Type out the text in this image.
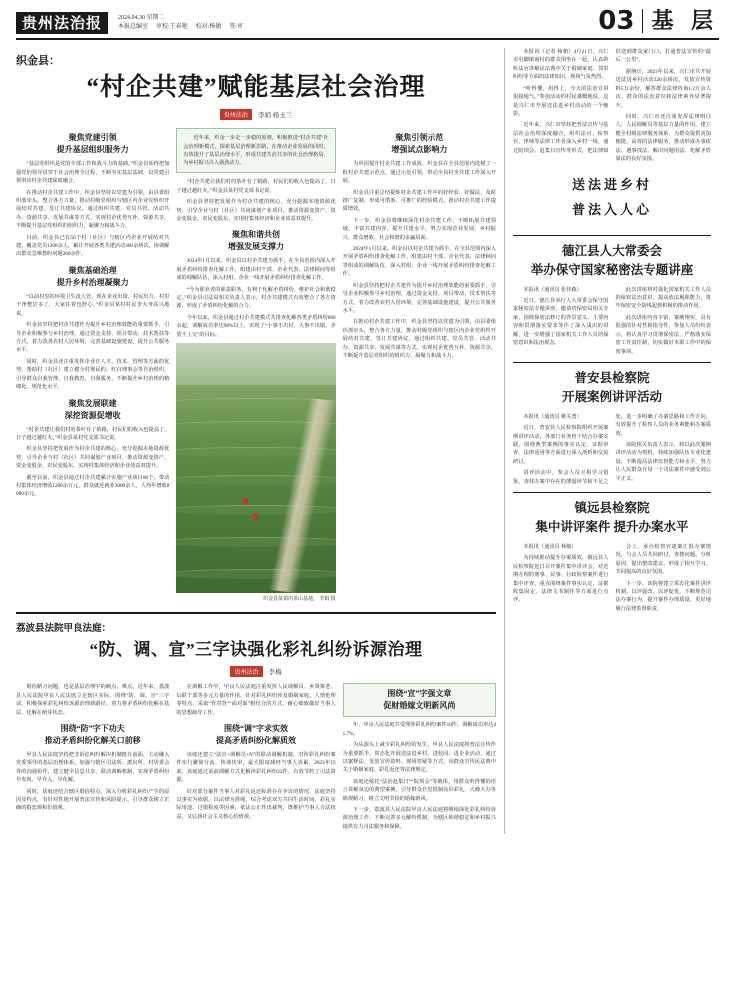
贵州法治报	2024.04.30 星期二
本报总编室 审校:王春艳 校对:杨敏 签:审	03 基 层
织金县：
“村企共建”赋能基层社会治理
贵州法治	李娟 杨玉兰
聚焦党建引领
提升基层组织服务力

“基层党组织是党的全部工作和战斗力的基础。”织金县始终把加强党的领导贯穿于社会治理全过程，不断夯实基层基础，以党建引领带动村企共建深度融合。

在推动村企共建工作中，织金县坚持以党建为引领，由县委组织部牵头，整合各方力量，推动村级党组织与辖区内企业党组织开展结对共建，签订共建协议，通过组织共建、党员共管、活动共办、资源共享、发展共谋等方式，实现村企优势互补、资源共享，不断提升基层党组织的组织力、凝聚力和战斗力。

目前，织金县已有56个村（社区）与辖区内企业开展结对共建，覆盖党员1200余人，累计开展各类共建活动300余场次，协调解决群众急难愁盼问题260余件。

聚焦基础治理
提升乡村治理凝聚力

“以前村里的环境卫生没人管，现在企业出资、村民出力，村里干净整洁多了，大家住着也舒心。”织金县某村村民李大爷高兴地说。

织金县坚持把村企共建作为提升乡村治理效能的重要抓手，引导企业积极参与乡村治理，通过资金支持、项目带动、技术帮扶等方式，着力改善农村人居环境，完善基础设施建设，提升公共服务水平。

同时，织金县还注重发挥企业在人才、技术、管理等方面的优势，帮助村（社区）建立健全村规民约、红白理事会等自治组织，引导群众自我管理、自我教育、自我服务，不断提升乡村治理的精细化、规范化水平。

聚焦发展联建
深挖资源促增收

“村企共建让我们村的茶叶有了销路，村民们的收入也提高了，日子越过越红火。”织金县某村党支部书记说。

织金县坚持把发展作为村企共建的核心，充分挖掘本地资源优势，引导企业与村（社区）共同谋划产业项目，推动资源变资产、资金变股金、农民变股东，实现村集体经济和企业效益双提升。

截至目前，织金县通过村企共建累计实施产业项目86个，带动村集体经济增收1200余万元，群众就近就业3000余人，人均年增收8000余元。

近年来，织金一步走一步稳的原则，积极推进“村企共建”社会治理新模式，探索基层治理新思路，在推动企业发展的同时，有效提升了基层治理水平，形成共建共治共享的社会治理格局，为乡村振兴注入强劲动力。

“村企共建让我们村的茶叶有了销路，村民们的收入也提高了，日子越过越红火。”织金县某村党支部书记说。

织金县坚持把发展作为村企共建的核心，充分挖掘本地资源优势，引导企业与村（社区）共同谋划产业项目，推动资源变资产、资金变股金、农民变股东，实现村集体经济和企业效益双提升。

聚焦和谐共创
增强发展支撑力

2024年1月以来，织金县以村企共建为抓手，在全县范围内深入开展矛盾纠纷排查化解工作，组建由村干部、企业代表、法律顾问等组成的调解队伍，深入村组、企业一线开展矛盾纠纷排查化解工作。

“今为职业者的职责职务，有利于化解矛盾纠纷，维护社会和谐稳定。”织金县司法局相关负责人表示，村企共建模式有效整合了各方资源，形成了矛盾纠纷化解的合力。

今年以来，织金县通过村企共建模式共排查化解各类矛盾纠纷860余起，调解成功率达98%以上，实现了“小事不出村、大事不出镇、矛盾不上交”的目标。

织金县某镇的茶山基地。 李娟 摄
聚焦引领示范
增强试点影响力

为巩固提升村企共建工作成效，织金县在全县范围内选树了一批村企共建示范点，通过示范引领，带动全县村企共建工作深入开展。

织金县注重总结提炼村企共建工作中的好经验、好做法，及时推广复制，形成可借鉴、可推广的经验模式，推动村企共建工作提质增效。

下一步，织金县将继续深化村企共建工作，不断拓展共建领域，丰富共建内容，提升共建水平，努力实现企业发展、乡村振兴、群众增收、社会和谐的多赢局面。

2024年1月以来，织金县以村企共建为抓手，在全县范围内深入开展矛盾纠纷排查化解工作，组建由村干部、企业代表、法律顾问等组成的调解队伍，深入村组、企业一线开展矛盾纠纷排查化解工作。

织金县坚持把村企共建作为提升乡村治理效能的重要抓手，引导企业积极参与乡村治理，通过资金支持、项目带动、技术帮扶等方式，着力改善农村人居环境，完善基础设施建设，提升公共服务水平。

在推动村企共建工作中，织金县坚持以党建为引领，由县委组织部牵头，整合各方力量，推动村级党组织与辖区内企业党组织开展结对共建，签订共建协议，通过组织共建、党员共管、活动共办、资源共享、发展共谋等方式，实现村企优势互补、资源共享，不断提升基层党组织的组织力、凝聚力和战斗力。

荔波县法院甲良法庭：
“防、调、宣”三字诀强化彩礼纠纷诉源治理
贵州法治	李梅

婚俗陋习问题，也是基层治理中的痛点、难点。近年来，荔波县人民法院甲良人民法庭立足辖区实际，围绕“防、调、宣”三字诀，积极探索彩礼纠纷诉源治理新路径，着力将矛盾纠纷化解在基层、化解在萌芽状态。

围绕“防”字下功夫
推动矛盾纠纷化解关口前移

甲良人民法庭坚持把非诉讼纠纷解决机制挺在前面，主动融入党委领导的基层治理体系，加强与辖区司法所、派出所、村居委会等的沟通协作，建立健全信息共享、联动调解机制，实现矛盾纠纷早发现、早介入、早化解。

同时，该庭还结合辖区婚俗特点，深入分析彩礼纠纷产生的原因及特点，有针对性地开展普法宣传和风险提示，引导群众树立正确的婚恋观和价值观。

在调解工作中，甲良人民法庭注重发挥人民调解员、乡贤寨老、妇联干部等多元力量的作用，针对彩礼纠纷涉及婚姻家庭、人情伦理等特点，采取“背对背”“面对面”相结合的方式，耐心细致做好当事人的思想疏导工作。

围绕“调”字求实效
提高矛盾纠纷化解质效

该庭还建立“法官+调解员+N”的联动调解机制，对涉彩礼纠纷案件实行繁简分流、快调快审，最大限度减轻当事人诉累。2023年以来，该庭通过诉前调解方式化解涉彩礼纠纷23件，有效节约了司法资源。

针对部分案件当事人对彩礼返还标准存在争议的情况，法庭坚持以事实为依据、以法律为准绳，综合考虑双方共同生活时间、彩礼实际用途、过错程度等因素，依法公正作出裁判，既维护当事人合法权益，又弘扬社会主义核心价值观。

围绕“宣”字强文章
促财婚嫁文明新风尚

年，甲良人民法庭共受理涉彩礼纠纷案件10件，调解成功率达41.7%。

为从源头上减少彩礼纠纷的发生，甲良人民法庭将普法宣传作为重要抓手，常态化开展送法进乡村、进校园、进企业活动，通过以案释法、发放宣传资料、现场答疑等方式，向群众宣传民法典中关于婚姻家庭、彩礼返还等法律规定。

该庭还依托“法治赶集日”“院坝会”等载体，用群众听得懂的语言讲解身边的典型案例，引导群众自觉抵制高价彩礼、大操大办等陈规陋习，树立文明节俭的婚嫁新风。

下一步，荔波县人民法院甲良人民法庭将继续深化彩礼纠纷诉源治理工作，不断完善多元解纷机制，为辖区和谐稳定和乡村振兴提供有力司法服务和保障。

本报讯（记者 杨朝）4月21日，兴仁市屯脚镇南村的群众围坐在一起，认真聆听法官讲解民法典中关于婚姻家庭、邻里纠纷等方面的法律知识，现场气氛热烈。

“听得懂、用得上，今天的法治宣讲很接地气。”参加活动的村民感慨地说。这是兴仁市开展送法进乡村活动的一个缩影。

近年来，兴仁市坚持把普法宣传与基层社会治理深度融合，组织法官、检察官、律师等法律工作者深入乡村一线，通过院坝会、赶集日宣传等形式，把法律知识送到群众家门口，打通普法宣传的“最后一公里”。

据统计，2023年以来，兴仁市共开展送法进乡村活动320余场次，发放宣传资料5万余份，解答群众法律咨询1.2万余人次，群众的法治意识和法律素养显著提升。

同时，兴仁市还注重发挥法律明白人、人民调解员等基层力量的作用，建立健全村级法律服务体系，为群众提供更加便捷、高效的法律服务，推动形成办事依法、遇事找法、解决问题用法、化解矛盾靠法的良好氛围。

送法进乡村
普法入人心
德江县人大常委会
举办保守国家秘密法专题讲座

本报讯（通讯员 张佳森）

近日，德江县举行人大常委会保守国家秘密法专题讲座，邀请省保密局相关专家，围绕保密法修订的背景意义、主要内容和贯彻落实要求等作了深入浅出的讲解，进一步增强了国家机关工作人员的保密意识和法治观念。

此次讲座将对强化国家机关工作人员的保密法治意识，提高依法履职能力，筑牢保密安全防线起到积极的推动作用。

此次讲座内容丰富、案例翔实，具有很强的针对性和指导性，参加人员纷纷表示，将认真学习贯彻保密法，严格落实保密工作责任制，切实做好本职工作中的保密事项。

普安县检察院
开展案例讲评活动

本报讯（通讯员 姚关勇）

近日，普安县人民检察院组织开展案例讲评活动，各部门业务骨干结合办案实践，围绕典型案例的事实认定、证据审查、法律适用等方面进行深入剖析和交流研讨。

讲评活动中，参会人员互相学习借鉴，查找办案中存在的薄弱环节和不足之处，进一步明确了办案思路和工作方向，有效提升了检察人员的业务素能和办案质效。

该院相关负责人表示，将以此次案例讲评活动为契机，持续加强队伍专业化建设，不断提高法律监督能力和水平，努力让人民群众在每一个司法案件中感受到公平正义。

镇远县检察院
集中讲评案件 提升办案水平

本报讯（通讯员 杨敏）

为持续推动提升办案质效，镇远县人民检察院近日召开案件集中讲评会，对近期办理的刑事、民事、行政检察案件进行集中评查，重点围绕案件事实认定、证据收集固定、法律文书制作等方面进行点评。

会上，承办检察官逐案汇报办案情况，与会人员共同研讨，查摆问题、分析原因、提出整改建议，形成了相互学习、共同提高的良好氛围。

下一步，该院将建立常态化案件讲评机制，以评促改、以评促优，不断规范司法办案行为，提升案件办理质量，更好地履行法律监督职责。
